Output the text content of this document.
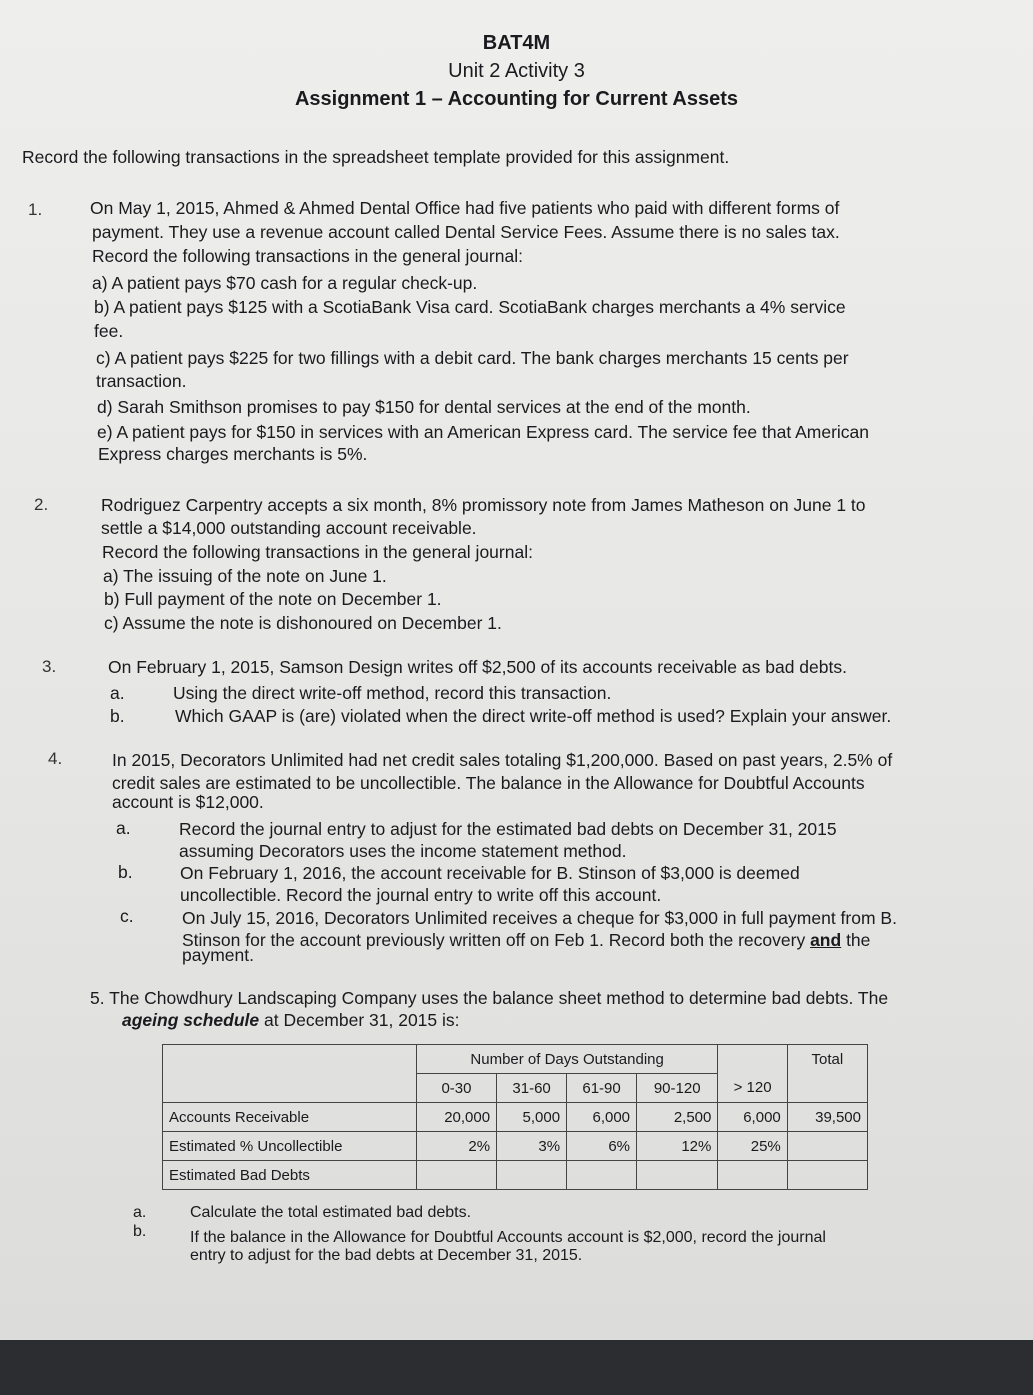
BAT4M
Unit 2 Activity 3
Assignment 1 – Accounting for Current Assets
Record the following transactions in the spreadsheet template provided for this assignment.
1.	On May 1, 2015, Ahmed & Ahmed Dental Office had five patients who paid with different forms of
payment. They use a revenue account called Dental Service Fees. Assume there is no sales tax.
Record the following transactions in the general journal:
a) A patient pays $70 cash for a regular check-up.
b) A patient pays $125 with a ScotiaBank Visa card. ScotiaBank charges merchants a 4% service
fee.
c) A patient pays $225 for two fillings with a debit card. The bank charges merchants 15 cents per
transaction.
d) Sarah Smithson promises to pay $150 for dental services at the end of the month.
e) A patient pays for $150 in services with an American Express card. The service fee that American
Express charges merchants is 5%.
2.	Rodriguez Carpentry accepts a six month, 8% promissory note from James Matheson on June 1 to
settle a $14,000 outstanding account receivable.
Record the following transactions in the general journal:
a) The issuing of the note on June 1.
b) Full payment of the note on December 1.
c) Assume the note is dishonoured on December 1.
3.	On February 1, 2015, Samson Design writes off $2,500 of its accounts receivable as bad debts.
a.	Using the direct write-off method, record this transaction.
b.	Which GAAP is (are) violated when the direct write-off method is used? Explain your answer.
4.	In 2015, Decorators Unlimited had net credit sales totaling $1,200,000. Based on past years, 2.5% of
credit sales are estimated to be uncollectible. The balance in the Allowance for Doubtful Accounts
account is $12,000.
a.	Record the journal entry to adjust for the estimated bad debts on December 31, 2015
assuming Decorators uses the income statement method.
b.	On February 1, 2016, the account receivable for B. Stinson of $3,000 is deemed
uncollectible. Record the journal entry to write off this account.
c.	On July 15, 2016, Decorators Unlimited receives a cheque for $3,000 in full payment from B.
Stinson for the account previously written off on Feb 1. Record both the recovery and the
payment.
5. The Chowdhury Landscaping Company uses the balance sheet method to determine bad debts. The
ageing schedule at December 31, 2015 is:
	Number of Days Outstanding					Total
	0-30	31-60	61-90	90-120	> 120	
Accounts Receivable	20,000	5,000	6,000	2,500	6,000	39,500
Estimated % Uncollectible	2%	3%	6%	12%	25%	
Estimated Bad Debts						
a.	Calculate the total estimated bad debts.
b.	If the balance in the Allowance for Doubtful Accounts account is $2,000, record the journal
entry to adjust for the bad debts at December 31, 2015.
